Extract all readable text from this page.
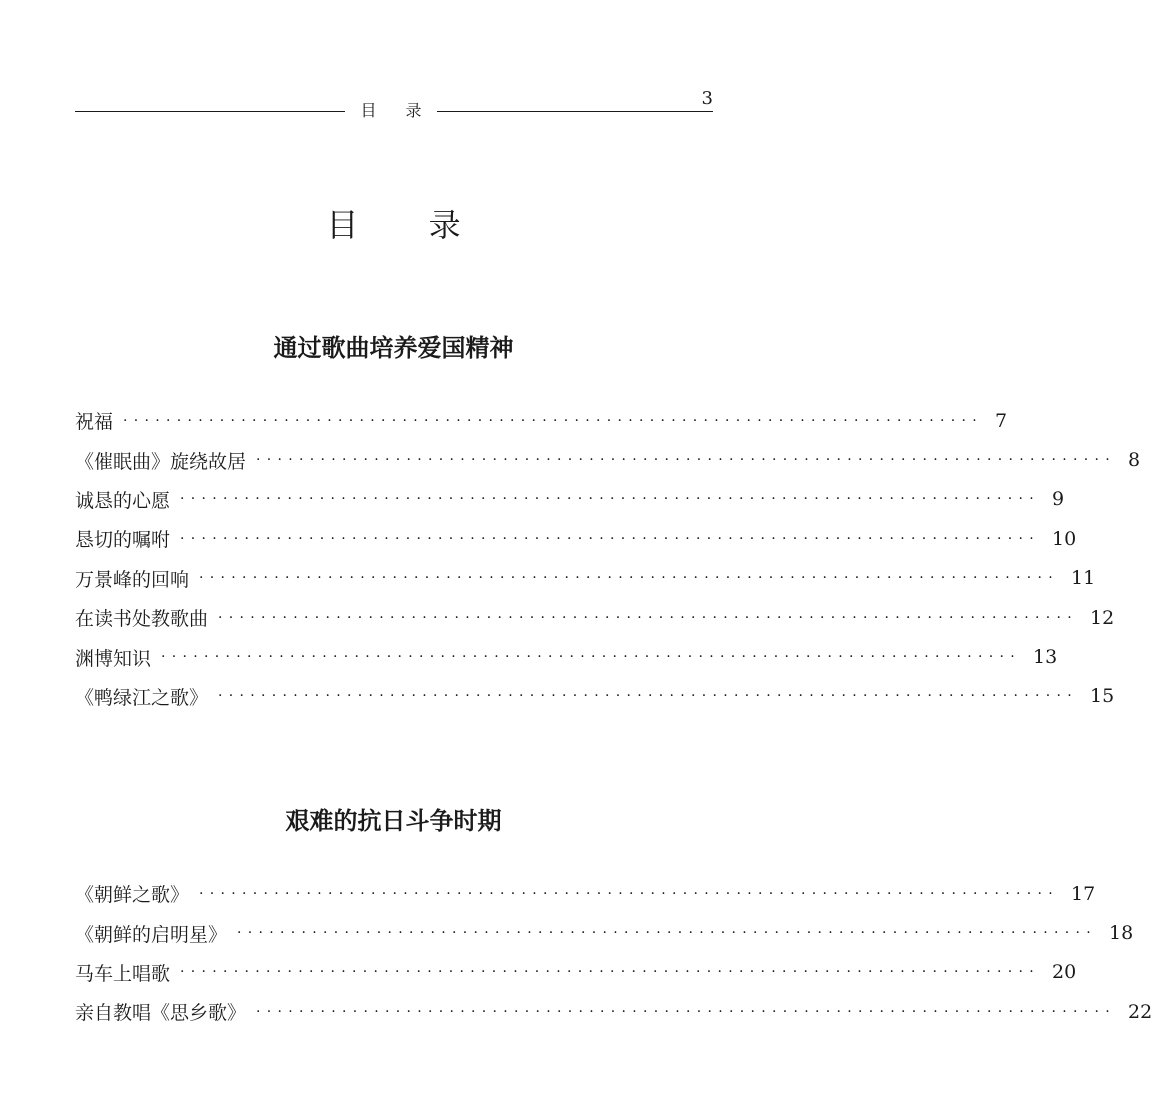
目 录
3
目 录
通过歌曲培养爱国精神
祝福 ················································································ 7
《催眠曲》旋绕故居 ················································································ 8
诚恳的心愿 ················································································ 9
恳切的嘱咐 ················································································ 10
万景峰的回响 ················································································ 11
在读书处教歌曲 ················································································ 12
渊博知识 ················································································ 13
《鸭绿江之歌》 ················································································ 15
艰难的抗日斗争时期
《朝鲜之歌》 ················································································ 17
《朝鲜的启明星》 ················································································ 18
马车上唱歌 ················································································ 20
亲自教唱《思乡歌》 ················································································ 22
